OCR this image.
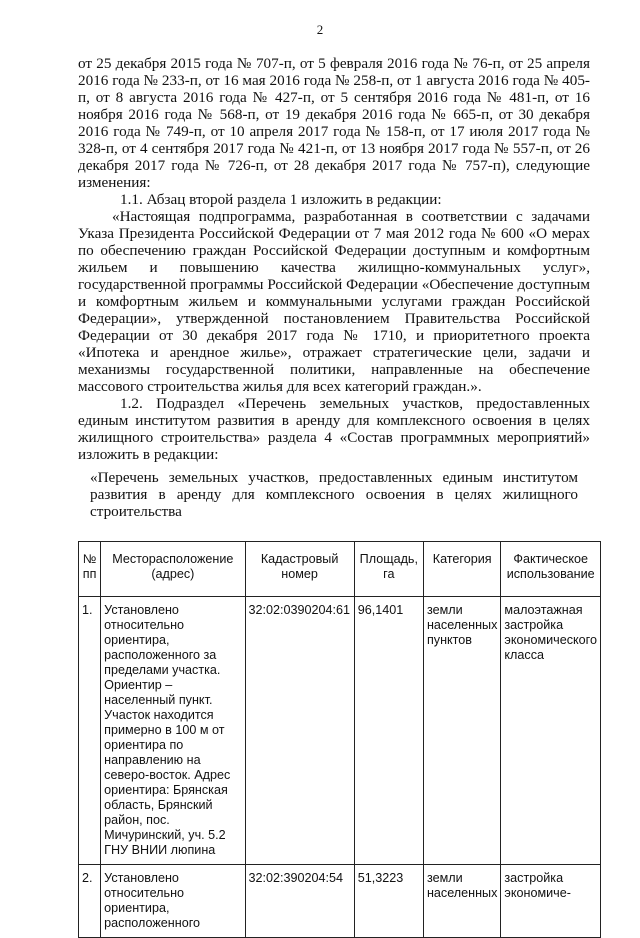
2

от 25 декабря 2015 года № 707-п, от 5 февраля 2016 года № 76-п, от 25 апреля 2016 года № 233-п, от 16 мая 2016 года № 258-п, от 1 августа 2016 года № 405-п, от 8 августа 2016 года № 427-п, от 5 сентября 2016 года № 481-п, от 16 ноября 2016 года № 568-п, от 19 декабря 2016 года № 665-п, от 30 декабря 2016 года № 749-п, от 10 апреля 2017 года № 158-п, от 17 июля 2017 года № 328-п, от 4 сентября 2017 года № 421-п, от 13 ноября 2017 года № 557-п, от 26 декабря 2017 года № 726-п, от 28 декабря 2017 года № 757-п), следующие изменения:

1.1. Абзац второй раздела 1 изложить в редакции:

«Настоящая подпрограмма, разработанная в соответствии с задачами Указа Президента Российской Федерации от 7 мая 2012 года № 600 «О мерах по обеспечению граждан Российской Федерации доступным и комфортным жильем и повышению качества жилищно-коммунальных услуг», государственной программы Российской Федерации «Обеспечение доступным и комфортным жильем и коммунальными услугами граждан Российской Федерации», утвержденной постановлением Правительства Российской Федерации от 30 декабря 2017 года № 1710, и приоритетного проекта «Ипотека и арендное жилье», отражает стратегические цели, задачи и механизмы государственной политики, направленные на обеспечение массового строительства жилья для всех категорий граждан.».

1.2. Подраздел «Перечень земельных участков, предоставленных единым институтом развития в аренду для комплексного освоения в целях жилищного строительства» раздела 4 «Состав программных мероприятий» изложить в редакции:

«Перечень земельных участков, предоставленных единым институтом развития в аренду для комплексного освоения в целях жилищного строительства

№ пп	Месторасположение (адрес)	Кадастровый номер	Площадь, га	Категория	Фактическое использование
1.	Установлено относительно ориентира, расположенного за пределами участка. Ориентир – населенный пункт. Участок находится примерно в 100 м от ориентира по направлению на северо-восток. Адрес ориентира: Брянская область, Брянский район, пос. Мичуринский, уч. 5.2 ГНУ ВНИИ люпина	32:02:0390204:61	96,1401	земли населенных пунктов	малоэтажная застройка экономического класса
2.	Установлено относительно ориентира, расположенного	32:02:390204:54	51,3223	земли населенных	застройка экономиче-
